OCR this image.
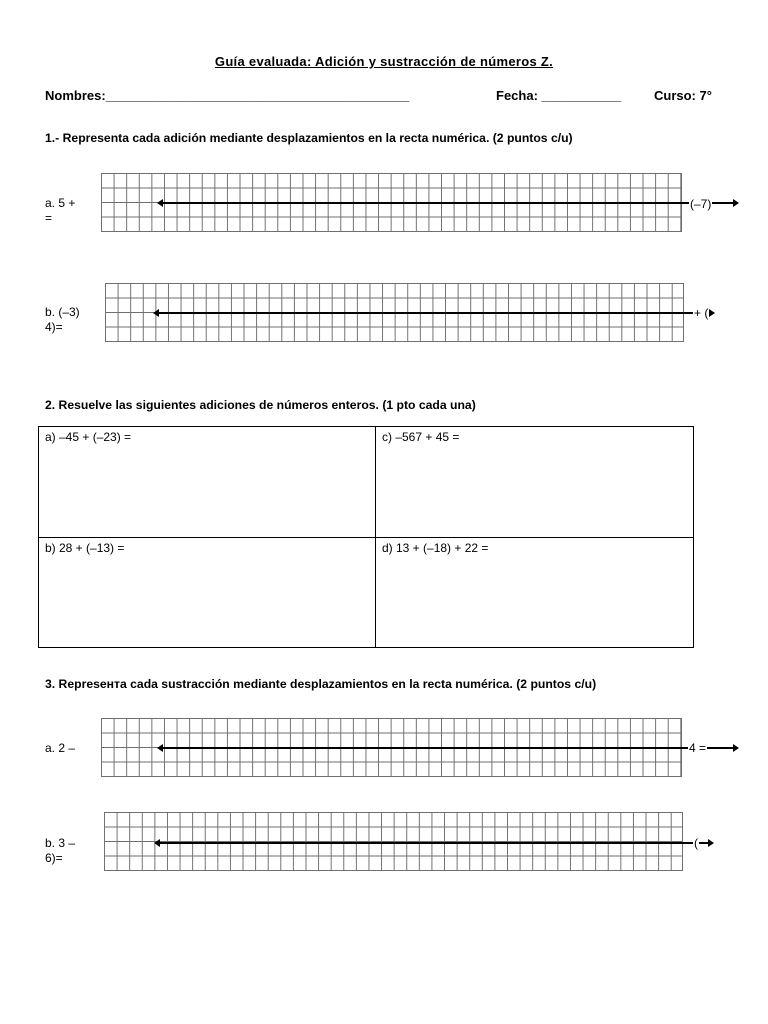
Guía evaluada: Adición y sustracción de números Z.
Nombres:__________________________________________	Fecha: ___________	Curso: 7°
1.- Representa cada adición mediante desplazamientos en la recta numérica. (2 puntos c/u)
a. 5 +
=
(–7)
b. (–3)
4)=
+ (
2. Resuelve las siguientes adiciones de números enteros. (1 pto cada una)
a) –45 + (–23) =	c) –567 + 45 =
b) 28 + (–13) =	d) 13 + (–18) + 22 =
3. Represента cada sustracción mediante desplazamientos en la recta numérica. (2 puntos c/u)
a. 2 –	4 =
b. 3 –
6)=
(
